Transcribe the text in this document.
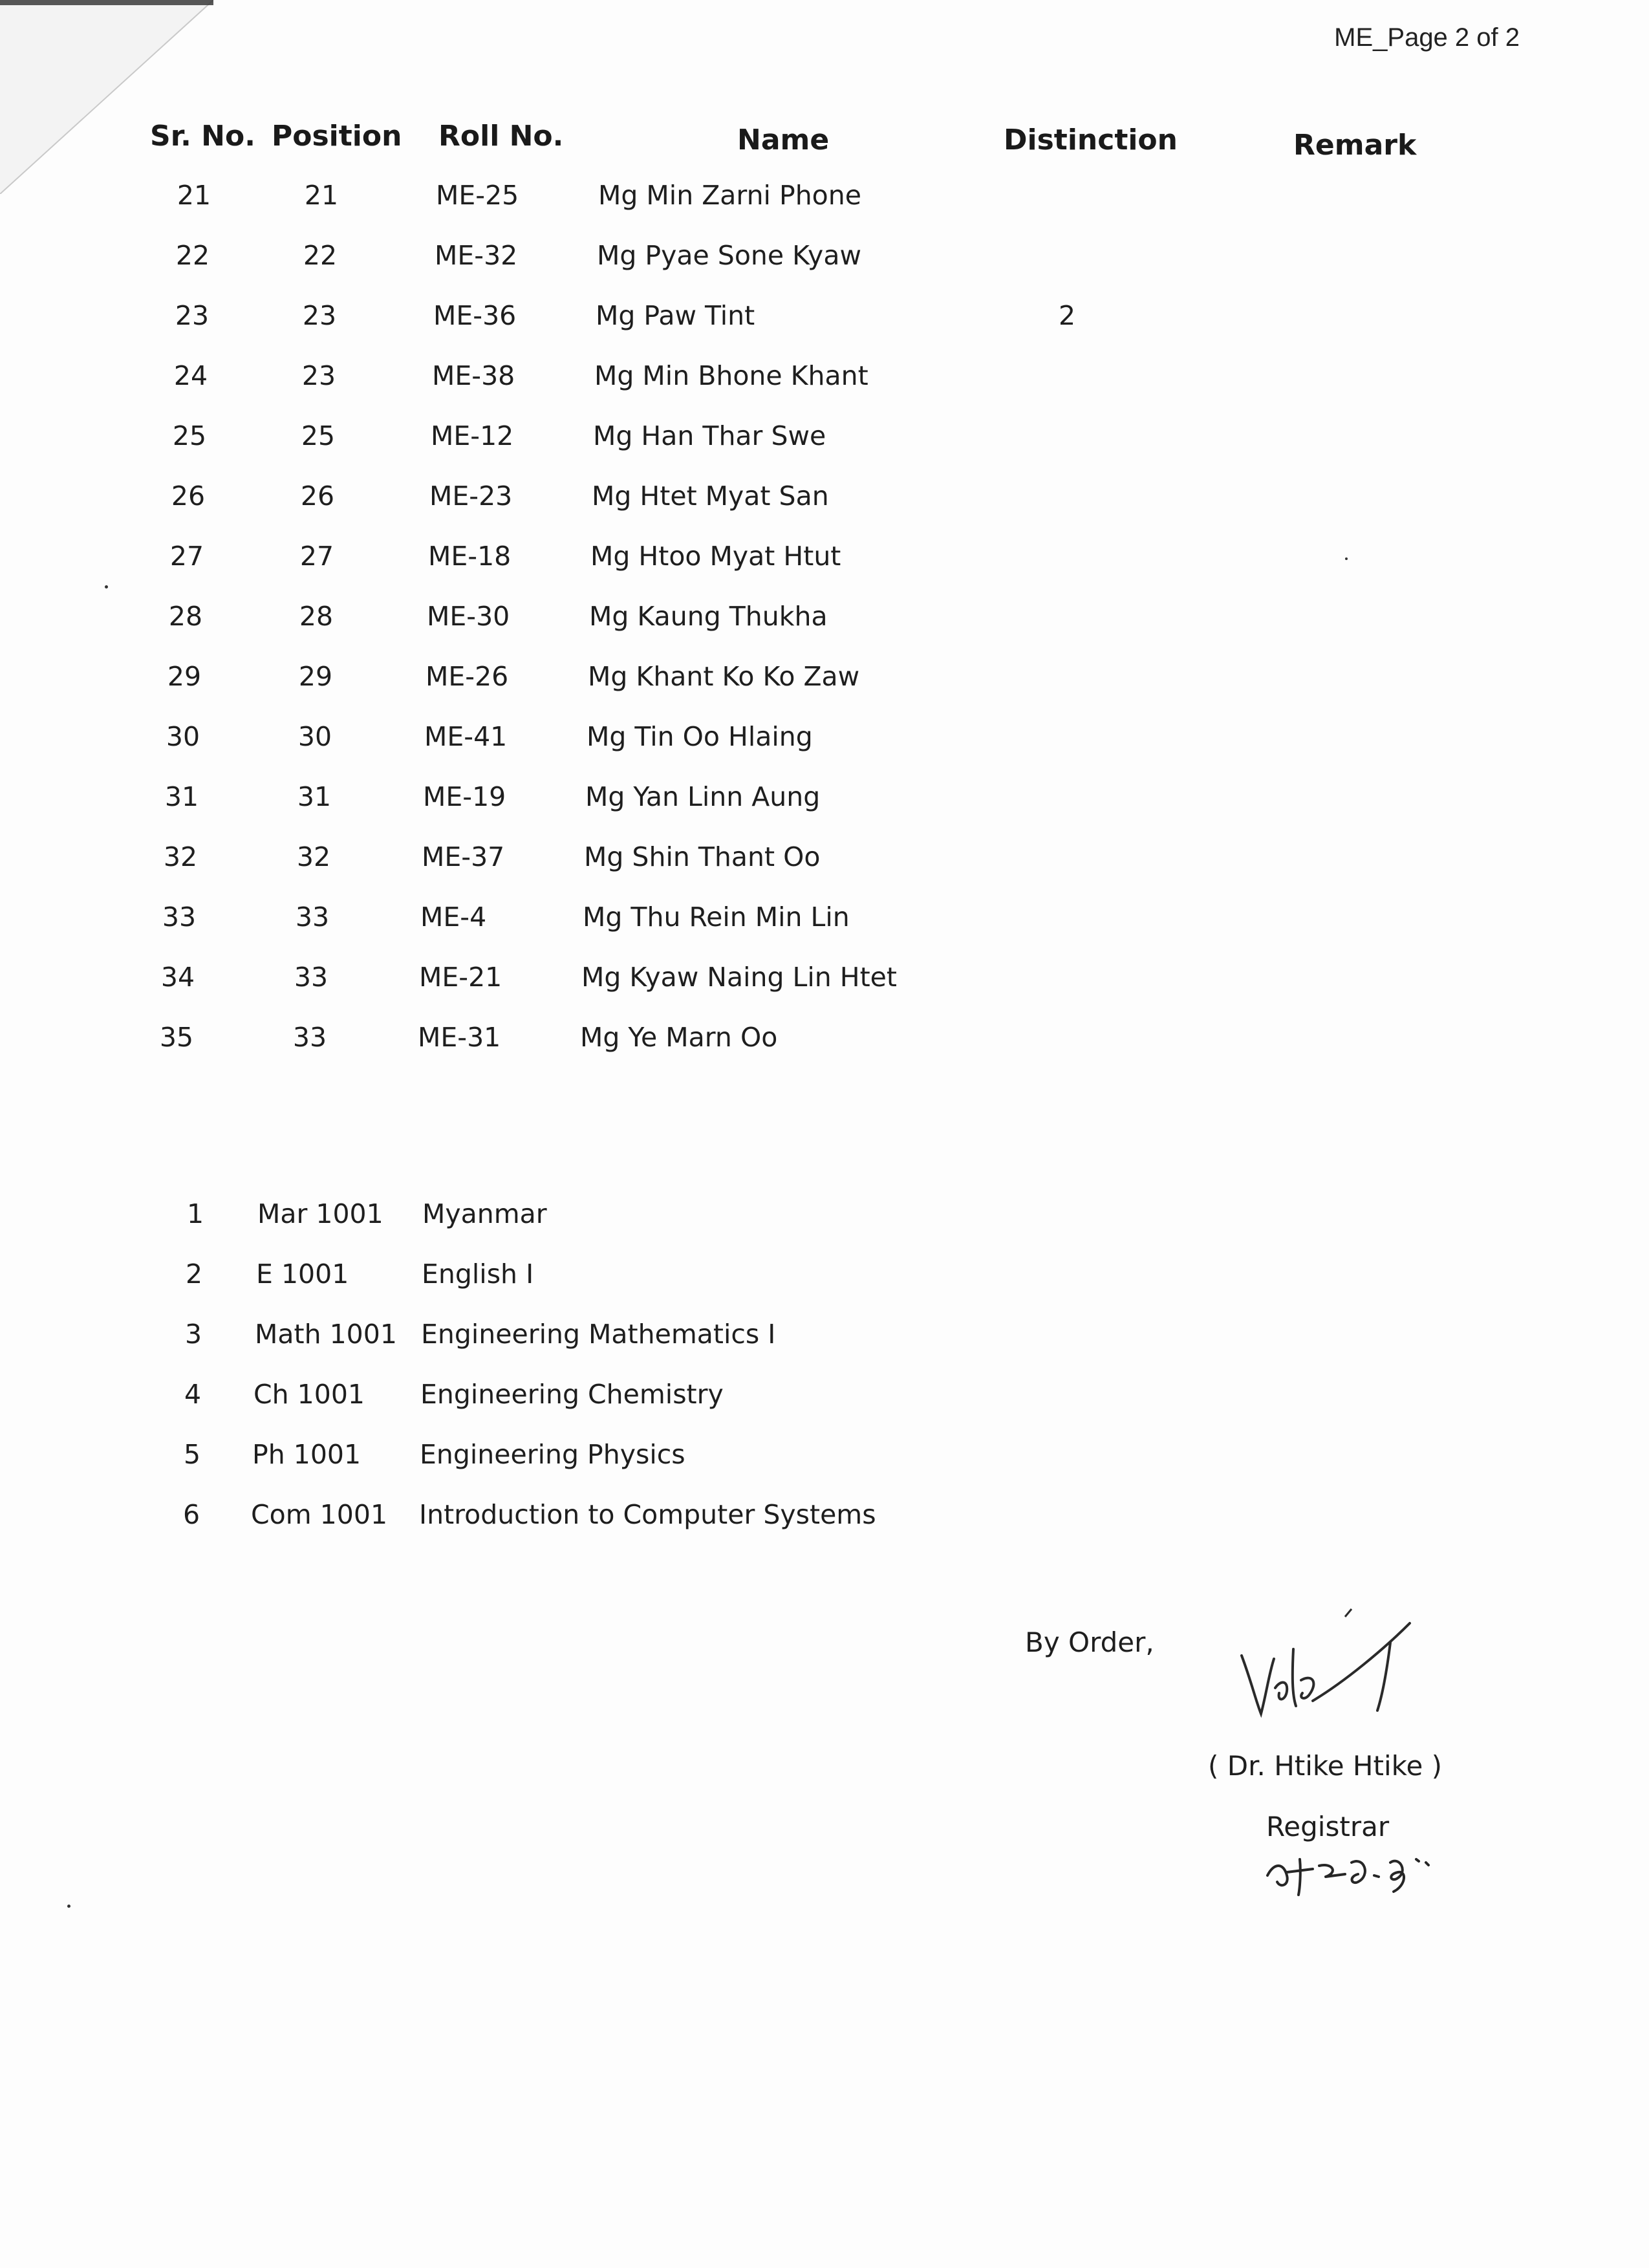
ME_Page 2 of 2
Sr. No. Position Roll No.	Name	Distinction	Remark
21	21	ME-25	Mg Min Zarni Phone
22	22	ME-32	Mg Pyae Sone Kyaw
23	23	ME-36	Mg Paw Tint	2
24	23	ME-38	Mg Min Bhone Khant
25	25	ME-12	Mg Han Thar Swe
26	26	ME-23	Mg Htet Myat San
27	27	ME-18	Mg Htoo Myat Htut
28	28	ME-30	Mg Kaung Thukha
29	29	ME-26	Mg Khant Ko Ko Zaw
30	30	ME-41	Mg Tin Oo Hlaing
31	31	ME-19	Mg Yan Linn Aung
32	32	ME-37	Mg Shin Thant Oo
33	33	ME-4	Mg Thu Rein Min Lin
34	33	ME-21	Mg Kyaw Naing Lin Htet
35	33	ME-31	Mg Ye Marn Oo
1	Mar 1001 Myanmar
2	E 1001	English I
3	Math 1001 Engineering Mathematics I
4	Ch 1001 Engineering Chemistry
5	Ph 1001 Engineering Physics
6	Com 1001 Introduction to Computer Systems
By Order,
( Dr. Htike Htike )
Registrar
